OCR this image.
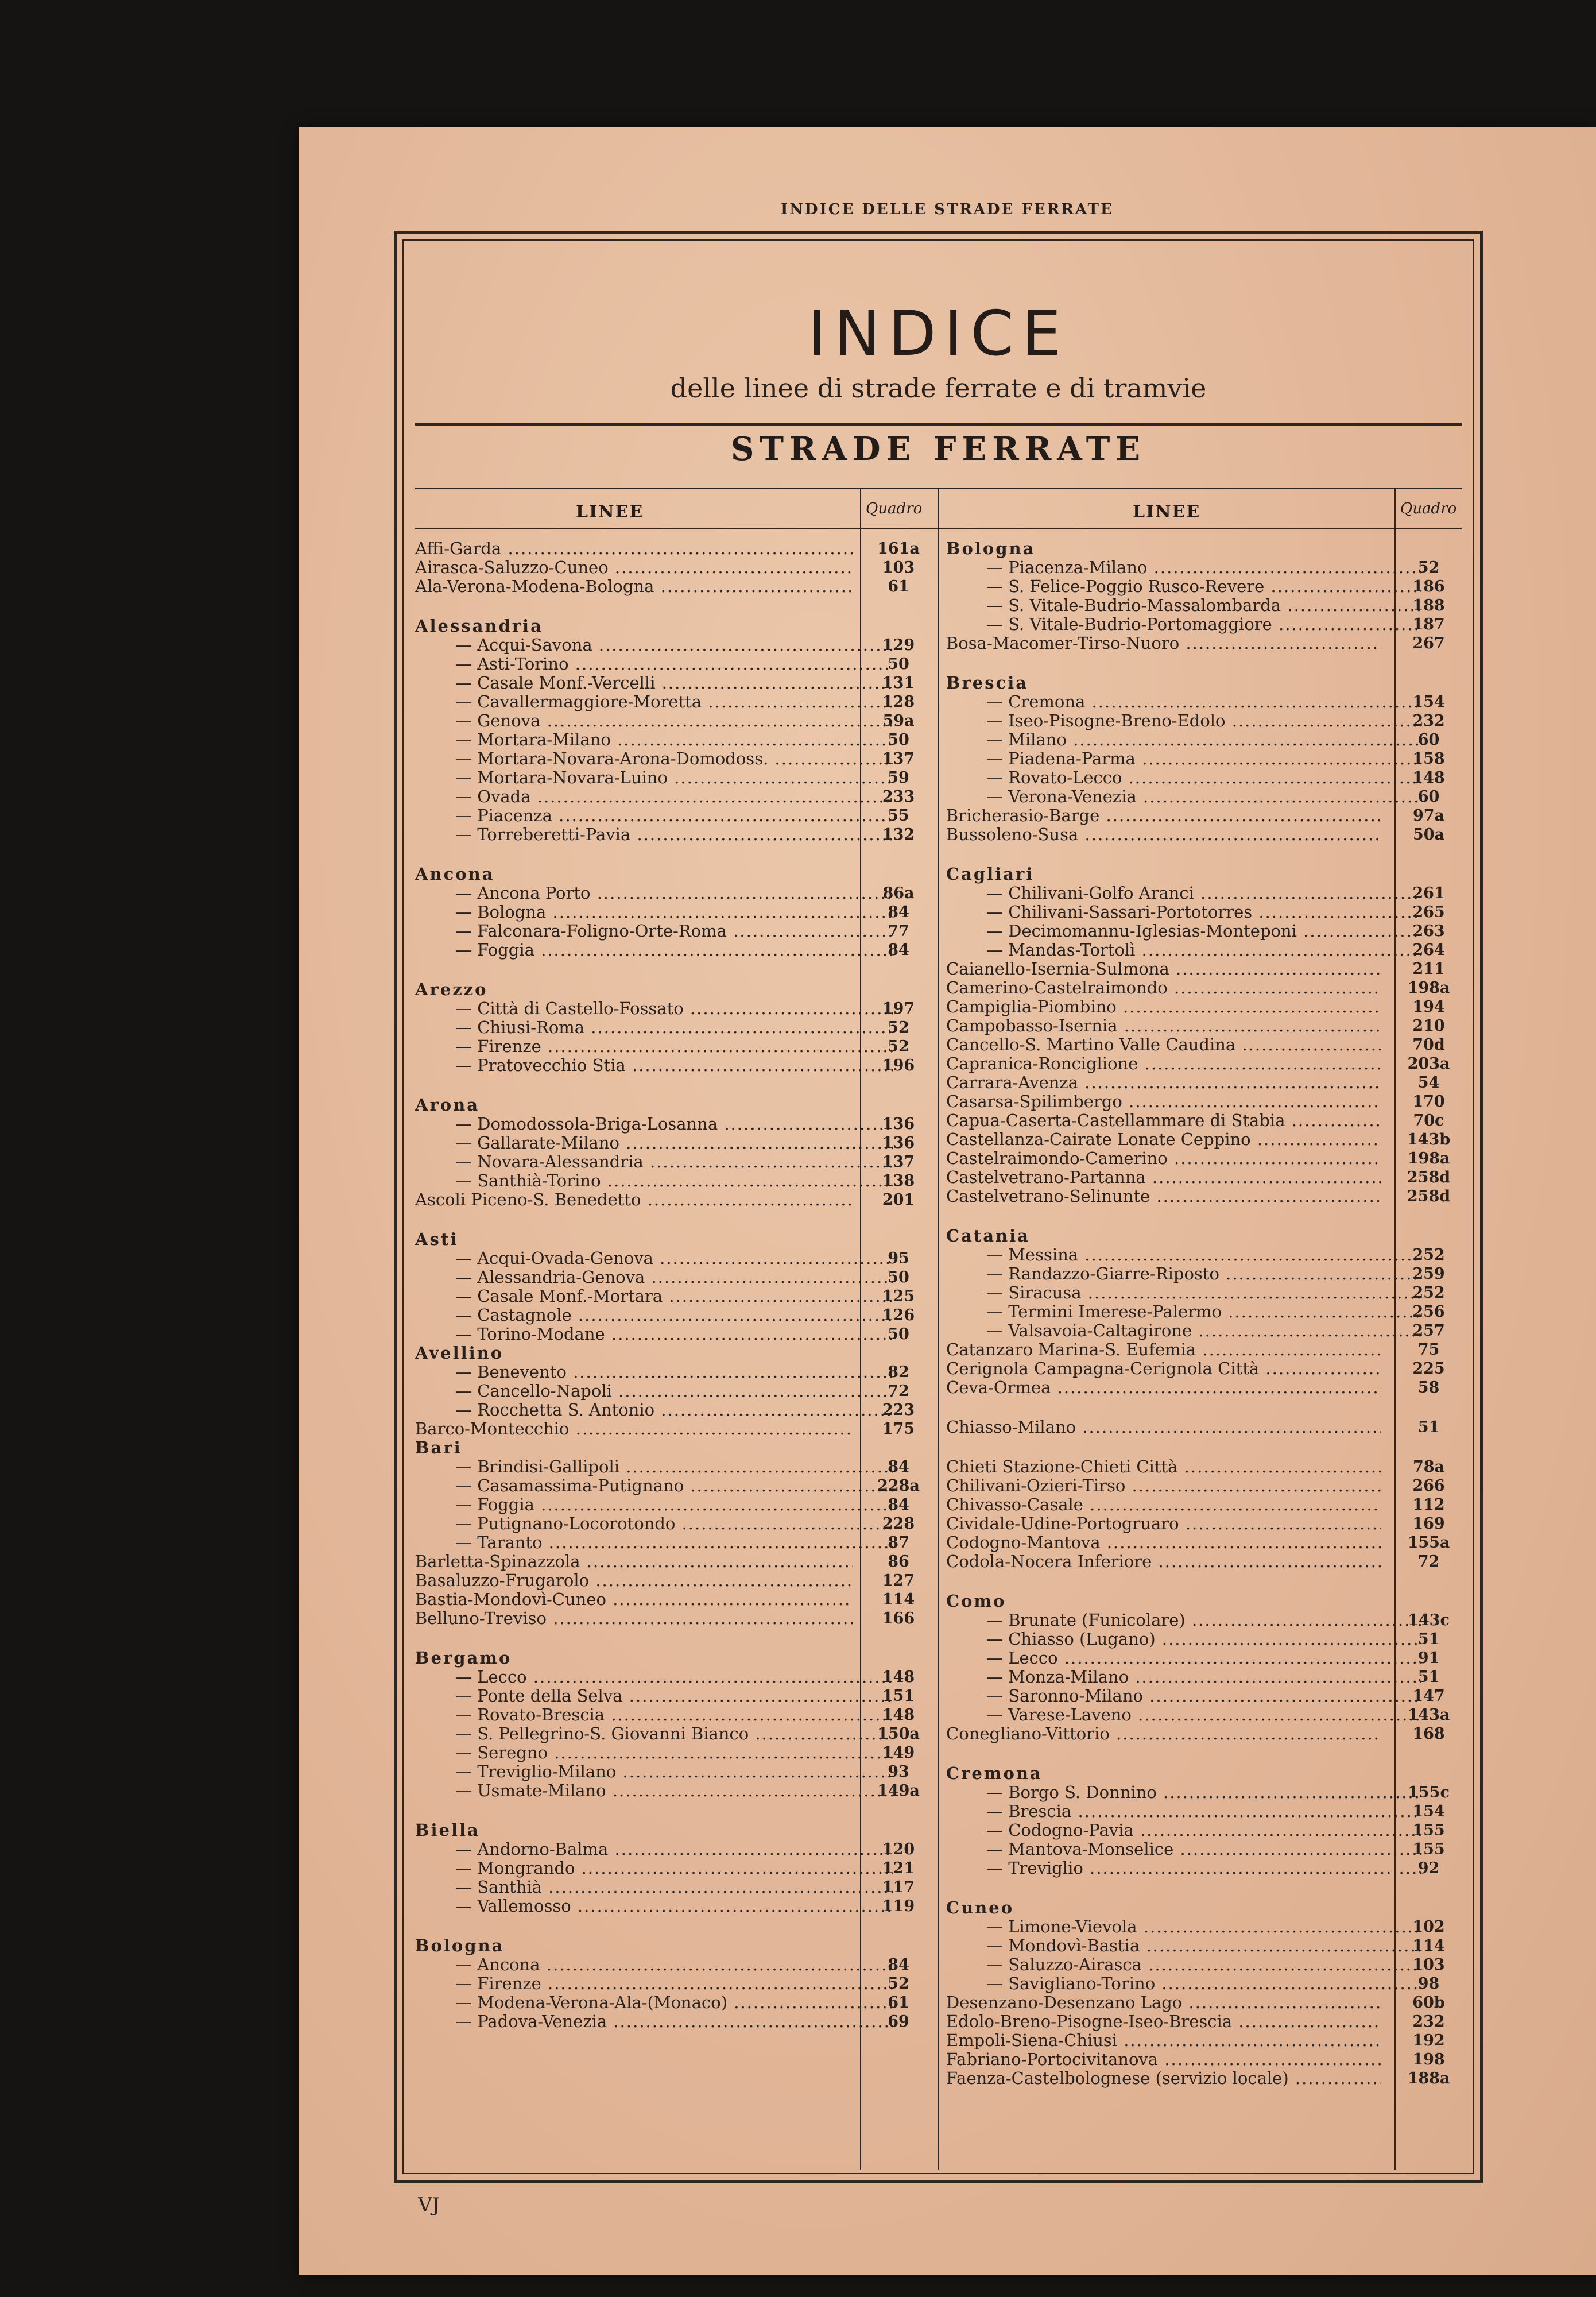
INDICE DELLE STRADE FERRATE
INDICE
delle linee di strade ferrate e di tramvie
STRADE FERRATE
LINEE	Quadro	LINEE	Quadro
Affi-Garda .....	161a
Airasca-Saluzzo-Cuneo .....	103
Ala-Verona-Modena-Bologna .....	61
Alessandria
— Acqui-Savona .....	129
— Asti-Torino .....	50
— Casale Monf.-Vercelli .....	131
— Cavallermaggiore-Moretta .....	128
— Genova .....	59a
— Mortara-Milano .....	50
— Mortara-Novara-Arona-Domodoss. .....	137
— Mortara-Novara-Luino .....	59
— Ovada .....	233
— Piacenza .....	55
— Torreberetti-Pavia .....	132
Ancona
— Ancona Porto .....	86a
— Bologna .....	84
— Falconara-Foligno-Orte-Roma .....	77
— Foggia .....	84
Arezzo
— Città di Castello-Fossato .....	197
— Chiusi-Roma .....	52
— Firenze .....	52
— Pratovecchio Stia .....	196
Arona
— Domodossola-Briga-Losanna .....	136
— Gallarate-Milano .....	136
— Novara-Alessandria .....	137
— Santhià-Torino .....	138
Ascoli Piceno-S. Benedetto .....	201
Asti
— Acqui-Ovada-Genova .....	95
— Alessandria-Genova .....	50
— Casale Monf.-Mortara .....	125
— Castagnole .....	126
— Torino-Modane .....	50
Avellino
— Benevento .....	82
— Cancello-Napoli .....	72
— Rocchetta S. Antonio .....	223
Barco-Montecchio .....	175
Bari
— Brindisi-Gallipoli .....	84
— Casamassima-Putignano .....	228a
— Foggia .....	84
— Putignano-Locorotondo .....	228
— Taranto .....	87
Barletta-Spinazzola .....	86
Basaluzzo-Frugarolo .....	127
Bastia-Mondovì-Cuneo .....	114
Belluno-Treviso .....	166
Bergamo
— Lecco .....	148
— Ponte della Selva .....	151
— Rovato-Brescia .....	148
— S. Pellegrino-S. Giovanni Bianco .....	150a
— Seregno .....	149
— Treviglio-Milano .....	93
— Usmate-Milano .....	149a
Biella
— Andorno-Balma .....	120
— Mongrando .....	121
— Santhià .....	117
— Vallemosso .....	119
Bologna
— Ancona .....	84
— Firenze .....	52
— Modena-Verona-Ala-(Monaco) .....	61
— Padova-Venezia .....	69
Bologna
— Piacenza-Milano .....	52
— S. Felice-Poggio Rusco-Revere .....	186
— S. Vitale-Budrio-Massalombarda .....	188
— S. Vitale-Budrio-Portomaggiore .....	187
Bosa-Macomer-Tirso-Nuoro .....	267
Brescia
— Cremona .....	154
— Iseo-Pisogne-Breno-Edolo .....	232
— Milano .....	60
— Piadena-Parma .....	158
— Rovato-Lecco .....	148
— Verona-Venezia .....	60
Bricherasio-Barge .....	97a
Bussoleno-Susa .....	50a
Cagliari
— Chilivani-Golfo Aranci .....	261
— Chilivani-Sassari-Portotorres .....	265
— Decimomannu-Iglesias-Monteponi .....	263
— Mandas-Tortolì .....	264
Caianello-Isernia-Sulmona .....	211
Camerino-Castelraimondo .....	198a
Campiglia-Piombino .....	194
Campobasso-Isernia .....	210
Cancello-S. Martino Valle Caudina .....	70d
Capranica-Ronciglione .....	203a
Carrara-Avenza .....	54
Casarsa-Spilimbergo .....	170
Capua-Caserta-Castellammare di Stabia .....	70c
Castellanza-Cairate Lonate Ceppino .....	143b
Castelraimondo-Camerino .....	198a
Castelvetrano-Partanna .....	258d
Castelvetrano-Selinunte .....	258d
Catania
— Messina .....	252
— Randazzo-Giarre-Riposto .....	259
— Siracusa .....	252
— Termini Imerese-Palermo .....	256
— Valsavoia-Caltagirone .....	257
Catanzaro Marina-S. Eufemia .....	75
Cerignola Campagna-Cerignola Città .....	225
Ceva-Ormea .....	58
Chiasso-Milano .....	51
Chieti Stazione-Chieti Città .....	78a
Chilivani-Ozieri-Tirso .....	266
Chivasso-Casale .....	112
Cividale-Udine-Portogruaro .....	169
Codogno-Mantova .....	155a
Codola-Nocera Inferiore .....	72
Como
— Brunate (Funicolare) .....	143c
— Chiasso (Lugano) .....	51
— Lecco .....	91
— Monza-Milano .....	51
— Saronno-Milano .....	147
— Varese-Laveno .....	143a
Conegliano-Vittorio .....	168
Cremona
— Borgo S. Donnino .....	155c
— Brescia .....	154
— Codogno-Pavia .....	155
— Mantova-Monselice .....	155
— Treviglio .....	92
Cuneo
— Limone-Vievola .....	102
— Mondovì-Bastia .....	114
— Saluzzo-Airasca .....	103
— Savigliano-Torino .....	98
Desenzano-Desenzano Lago .....	60b
Edolo-Breno-Pisogne-Iseo-Brescia .....	232
Empoli-Siena-Chiusi .....	192
Fabriano-Portocivitanova .....	198
Faenza-Castelbolognese (servizio locale) .....	188a
VJ
